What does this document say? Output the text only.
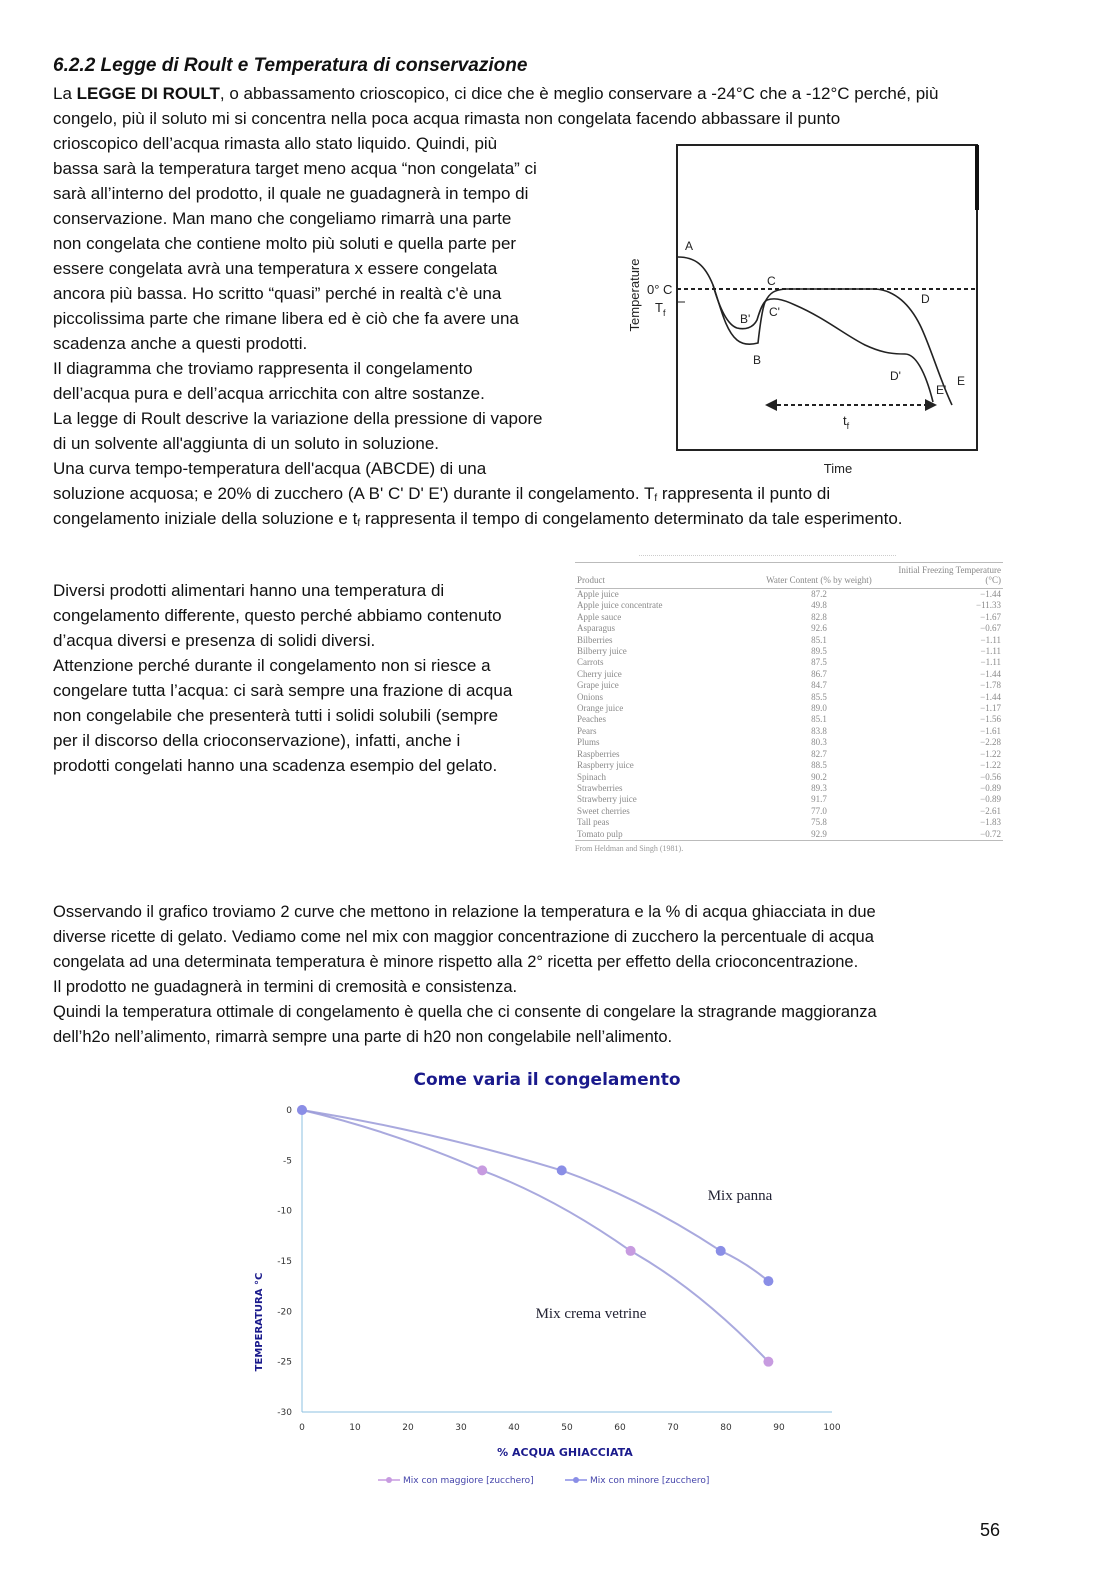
6.2.2 Legge di Roult e Temperatura di conservazione
La LEGGE DI ROULT, o abbassamento crioscopico, ci dice che è meglio conservare a -24°C che a -12°C perché, più
congelo, più il soluto mi si concentra nella poca acqua rimasta non congelata facendo abbassare il punto
crioscopico dell’acqua rimasta allo stato liquido. Quindi, più
bassa sarà la temperatura target meno acqua “non congelata” ci
sarà all’interno del prodotto, il quale ne guadagnerà in tempo di
conservazione. Man mano che congeliamo rimarrà una parte
non congelata che contiene molto più soluti e quella parte per
essere congelata avrà una temperatura x essere congelata
ancora più bassa. Ho scritto “quasi” perché in realtà c'è una
piccolissima parte che rimane libera ed è ciò che fa avere una
scadenza anche a questi prodotti.
Il diagramma che troviamo rappresenta il congelamento
dell’acqua pura e dell’acqua arricchita con altre sostanze.
La legge di Roult descrive la variazione della pressione di vapore
di un solvente all'aggiunta di un soluto in soluzione.
Una curva tempo-temperatura dell'acqua (ABCDE) di una
soluzione acquosa; e 20% di zucchero (A B' C' D' E') durante il congelamento. $T_f$ rappresenta il punto di
congelamento iniziale della soluzione e $t_f$ rappresenta il tempo di congelamento determinato da tale esperimento.
Temperature
Time
0° C
$T_f$
A
B
B'
C
C'
D
D'	E
E'
$t_f$
Diversi prodotti alimentari hanno una temperatura di
congelamento differente, questo perché abbiamo contenuto
d’acqua diversi e presenza di solidi diversi.
Attenzione perché durante il congelamento non si riesce a
congelare tutta l’acqua: ci sarà sempre una frazione di acqua
non congelabile che presenterà tutti i solidi solubili (sempre
per il discorso della crioconservazione), infatti, anche i
prodotti congelati hanno una scadenza esempio del gelato.
Product	Water Content (% by weight)	Initial Freezing Temperature (°C)
Apple juice	87.2	−1.44
Apple juice concentrate	49.8	−11.33
Apple sauce	82.8	−1.67
Asparagus	92.6	−0.67
Bilberries	85.1	−1.11
Bilberry juice	89.5	−1.11
Carrots	87.5	−1.11
Cherry juice	86.7	−1.44
Grape juice	84.7	−1.78
Onions	85.5	−1.44
Orange juice	89.0	−1.17
Peaches	85.1	−1.56
Pears	83.8	−1.61
Plums	80.3	−2.28
Raspberries	82.7	−1.22
Raspberry juice	88.5	−1.22
Spinach	90.2	−0.56
Strawberries	89.3	−0.89
Strawberry juice	91.7	−0.89
Sweet cherries	77.0	−2.61
Tall peas	75.8	−1.83
Tomato pulp	92.9	−0.72
From Heldman and Singh (1981).
Osservando il grafico troviamo 2 curve che mettono in relazione la temperatura e la % di acqua ghiacciata in due
diverse ricette di gelato. Vediamo come nel mix con maggior concentrazione di zucchero la percentuale di acqua
congelata ad una determinata temperatura è minore rispetto alla 2° ricetta per effetto della crioconcentrazione.
Il prodotto ne guadagnerà in termini di cremosità e consistenza.
Quindi la temperatura ottimale di congelamento è quella che ci consente di congelare la stragrande maggioranza
dell’h2o nell’alimento, rimarrà sempre una parte di h20 non congelabile nell’alimento.
Come varia il congelamento
0
-5
-10
-15
-20
-25
-30
0	10	20	30	40	50	60	70	80	90	100
TEMPERATURA °C
% ACQUA GHIACCIATA
Mix panna
Mix crema vetrine
Mix con maggiore [zucchero]	Mix con minore [zucchero]
56
